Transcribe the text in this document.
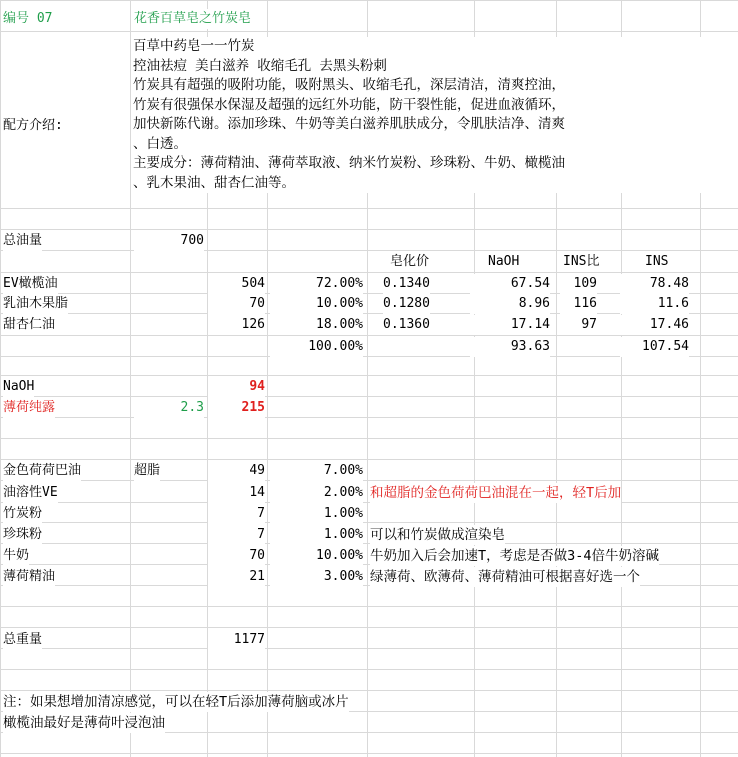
编号 07	花香百草皂之竹炭皂
配方介绍:
百草中药皂一一竹炭
控油祛痘 美白滋养 收缩毛孔 去黑头粉刺
竹炭具有超强的吸附功能，吸附黑头、收缩毛孔，深层清洁，清爽控油，
竹炭有很强保水保湿及超强的远红外功能，防干裂性能，促进血液循环，
加快新陈代谢。添加珍珠、牛奶等美白滋养肌肤成分，令肌肤洁净、清爽
、白透。
主要成分：薄荷精油、薄荷萃取液、纳米竹炭粉、珍珠粉、牛奶、橄榄油
、乳木果油、甜杏仁油等。
总油量	700
皂化价	NaOH	INS比	INS
EV橄榄油	504	72.00% 0.1340	67.54	109	78.48
乳油木果脂	70	10.00% 0.1280	8.96	116	11.6
甜杏仁油	126	18.00% 0.1360	17.14	97	17.46
100.00%	93.63	107.54
NaOH	94
薄荷纯露	2.3	215
金色荷荷巴油	超脂	49	7.00%
油溶性VE	14	2.00% 和超脂的金色荷荷巴油混在一起，轻T后加
竹炭粉	7	1.00%
珍珠粉	7	1.00% 可以和竹炭做成渲染皂
牛奶	70	10.00% 牛奶加入后会加速T，考虑是否做3-4倍牛奶溶碱
薄荷精油	21	3.00% 绿薄荷、欧薄荷、薄荷精油可根据喜好选一个
总重量	1177
注：如果想增加清凉感觉，可以在轻T后添加薄荷脑或冰片
橄榄油最好是薄荷叶浸泡油
